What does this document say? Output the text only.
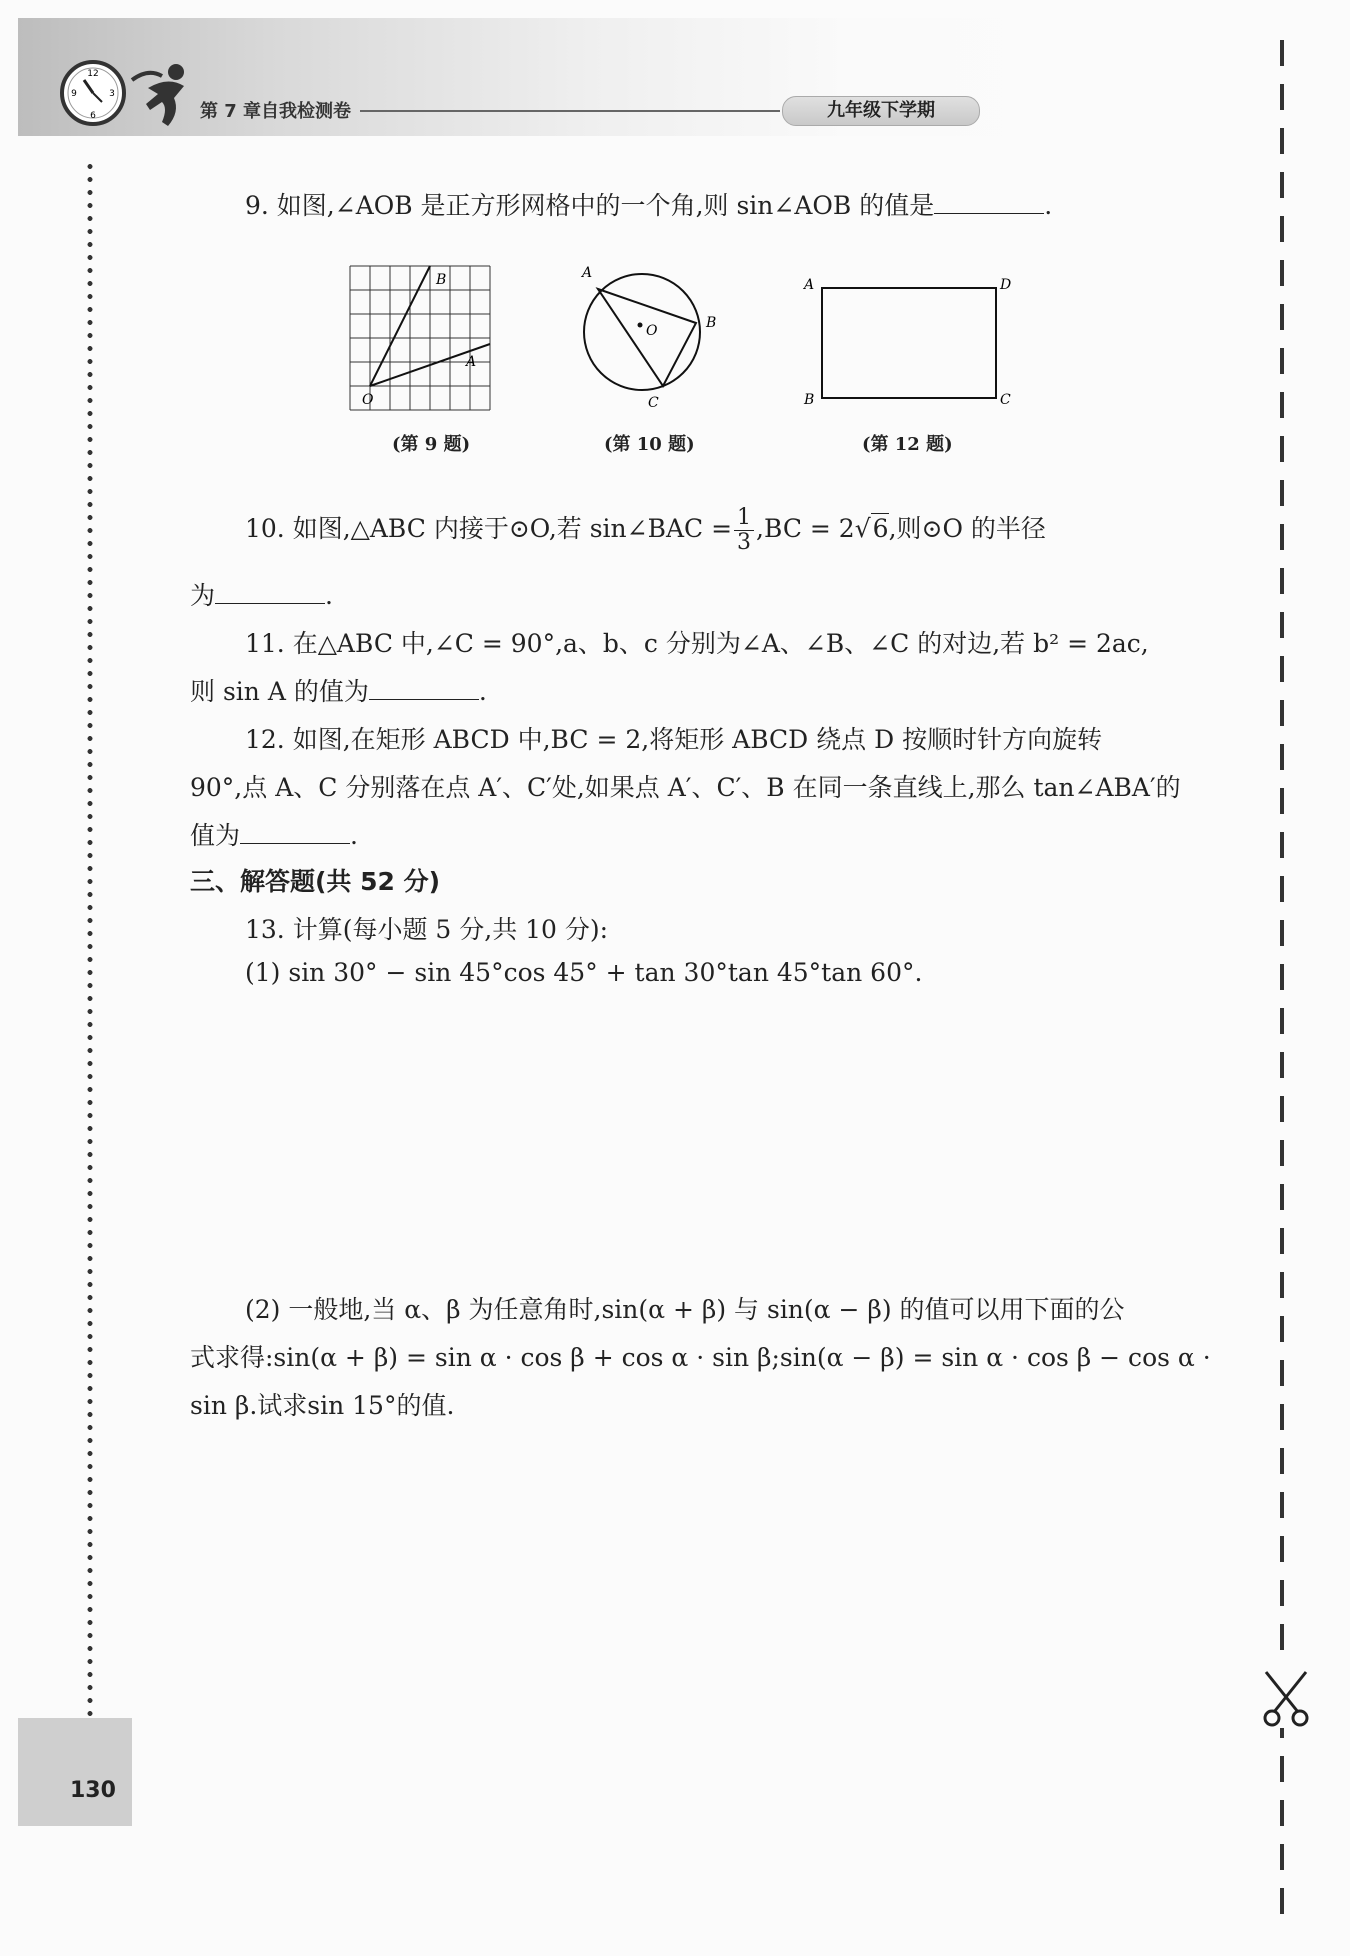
12
3
6
9
第 7 章自我检测卷	九年级下学期
130
9. 如图,∠AOB 是正方形网格中的一个角,则 sin∠AOB 的值是	.
B
A
O
(第 9 题)
A
O	B
C
(第 10 题)
A	D
B	C
(第 12 题)
10. 如图,△ABC 内接于⊙O,若 sin∠BAC = $\frac{1}{3} ,BC = 2√6$,则⊙O 的半径
为	.
11. 在△ABC 中,∠C = 90°,a、b、c 分别为∠A、∠B、∠C 的对边,若 b² = 2ac,
则 sin A 的值为	.
12. 如图,在矩形 ABCD 中,BC = 2,将矩形 ABCD 绕点 D 按顺时针方向旋转
90°,点 A、C 分别落在点 A′、C′处,如果点 A′、C′、B 在同一条直线上,那么 tan∠ABA′的
值为	.
三、解答题(共 52 分)
13. 计算(每小题 5 分,共 10 分):
(1) sin 30° − sin 45°cos 45° + tan 30°tan 45°tan 60°.
(2) 一般地,当 α、β 为任意角时,sin(α + β) 与 sin(α − β) 的值可以用下面的公
式求得:sin(α + β) = sin α · cos β + cos α · sin β;sin(α − β) = sin α · cos β − cos α ·
sin β.试求sin 15°的值.
